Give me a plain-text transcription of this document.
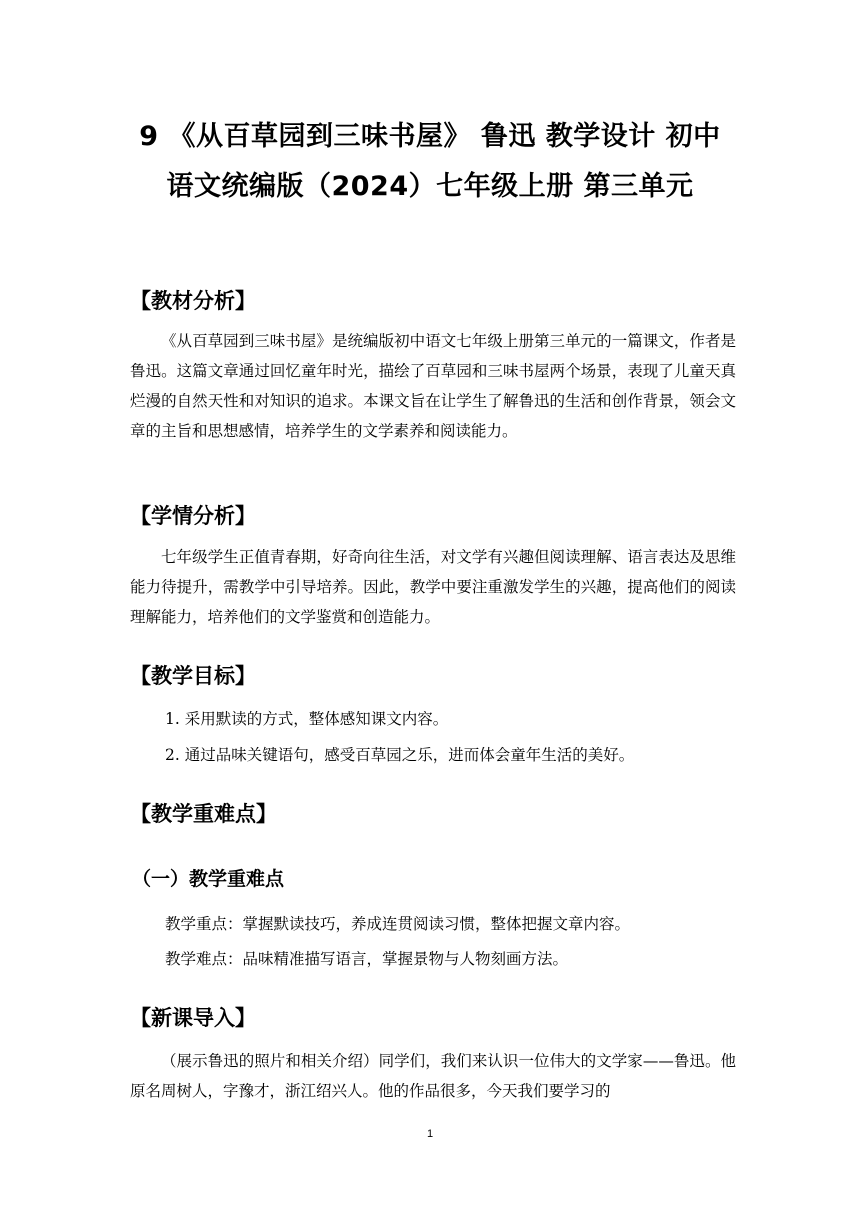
9 《从百草园到三味书屋》 鲁迅 教学设计 初中
语文统编版（2024）七年级上册 第三单元
【教材分析】
《从百草园到三味书屋》是统编版初中语文七年级上册第三单元的一篇课文，作者是鲁迅。这篇文章通过回忆童年时光，描绘了百草园和三味书屋两个场景，表现了儿童天真烂漫的自然天性和对知识的追求。本课文旨在让学生了解鲁迅的生活和创作背景，领会文章的主旨和思想感情，培养学生的文学素养和阅读能力。
【学情分析】
七年级学生正值青春期，好奇向往生活，对文学有兴趣但阅读理解、语言表达及思维能力待提升，需教学中引导培养。因此，教学中要注重激发学生的兴趣，提高他们的阅读理解能力，培养他们的文学鉴赏和创造能力。
【教学目标】
1. 采用默读的方式，整体感知课文内容。
2. 通过品味关键语句，感受百草园之乐，进而体会童年生活的美好。
【教学重难点】
（一）教学重难点
教学重点：掌握默读技巧，养成连贯阅读习惯，整体把握文章内容。
教学难点：品味精准描写语言，掌握景物与人物刻画方法。
【新课导入】
（展示鲁迅的照片和相关介绍）同学们，我们来认识一位伟大的文学家——鲁迅。他原名周树人，字豫才，浙江绍兴人。他的作品很多，今天我们要学习的
1
